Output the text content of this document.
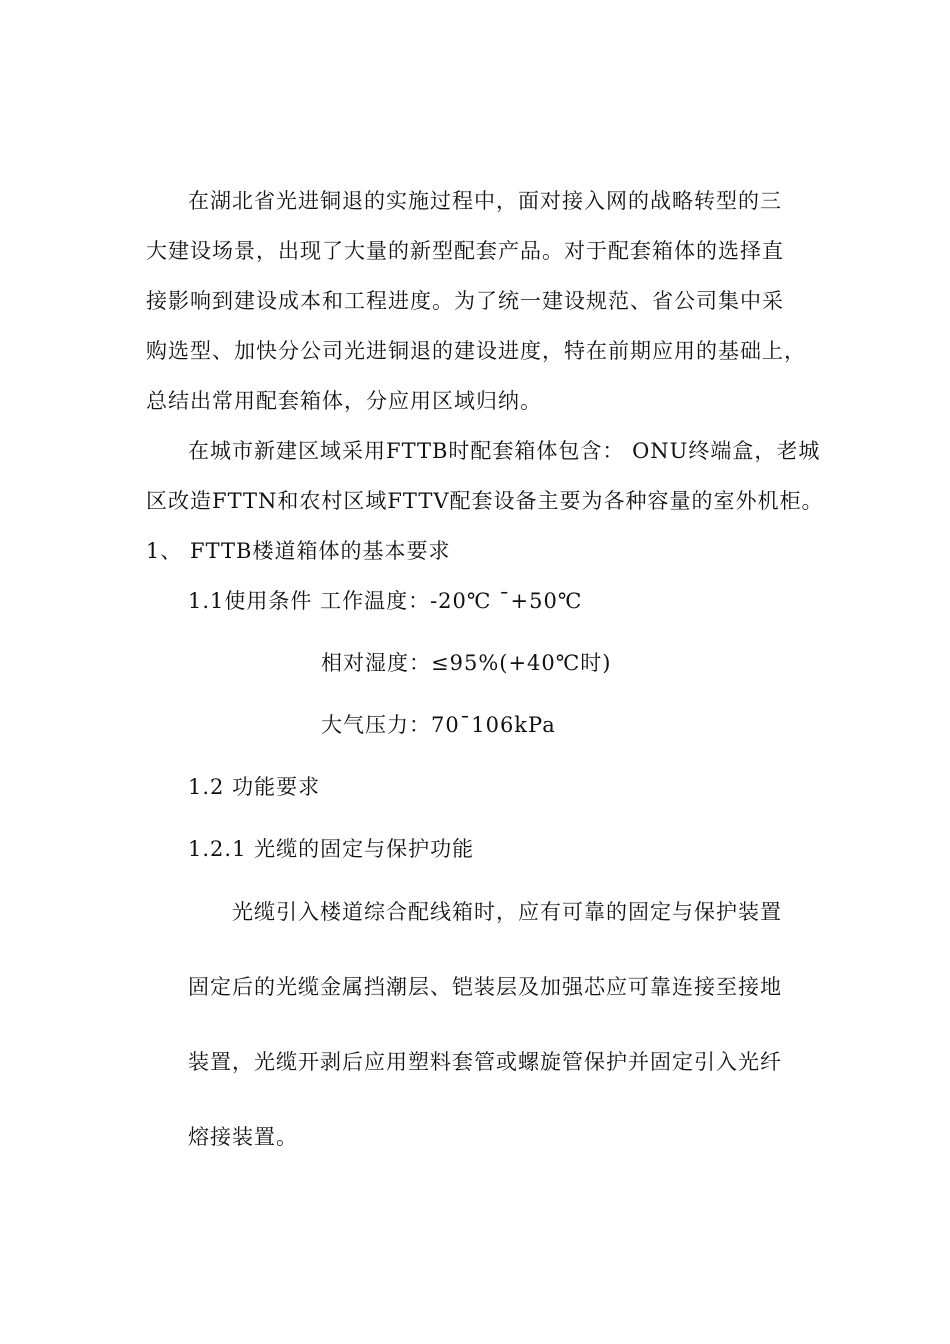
在湖北省光进铜退的实施过程中，面对接入网的战略转型的三
大建设场景，出现了大量的新型配套产品。对于配套箱体的选择直
接影响到建设成本和工程进度。为了统一建设规范、省公司集中采
购选型、加快分公司光进铜退的建设进度，特在前期应用的基础上，
总结出常用配套箱体，分应用区域归纳。
在城市新建区域采用FTTB时配套箱体包含： ONU终端盒，老城
区改造FTTN和农村区域FTTV配套设备主要为各种容量的室外机柜。
1、 FTTB楼道箱体的基本要求
1.1使用条件 工作温度：-20℃ ¯+50℃
相对湿度：≤95%(+40℃时)
大气压力：70¯106kPa
1.2 功能要求
1.2.1 光缆的固定与保护功能
光缆引入楼道综合配线箱时，应有可靠的固定与保护装置
固定后的光缆金属挡潮层、铠装层及加强芯应可靠连接至接地
装置，光缆开剥后应用塑料套管或螺旋管保护并固定引入光纤
熔接装置。
